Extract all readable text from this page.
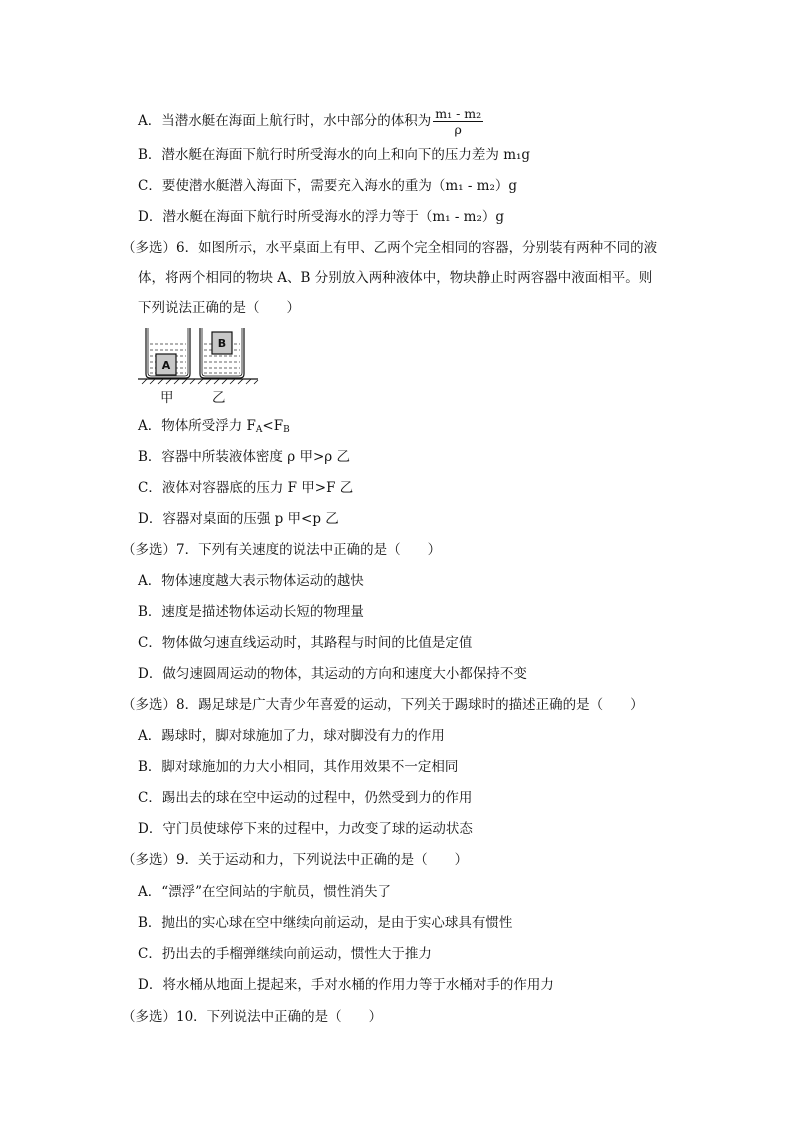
A．当潜水艇在海面上航行时，水中部分的体积为 $\frac{\text{m₁ - m₂}}{\rho}$
B．潜水艇在海面下航行时所受海水的向上和向下的压力差为 m₁g
C．要使潜水艇潜入海面下，需要充入海水的重为（m₁ - m₂）g
D．潜水艇在海面下航行时所受海水的浮力等于（m₁ - m₂）g
（多选）6．如图所示，水平桌面上有甲、乙两个完全相同的容器，分别装有两种不同的液
体，将两个相同的物块 A、B 分别放入两种液体中，物块静止时两容器中液面相平。则
下列说法正确的是（　　）
A
B
甲	乙
A．物体所受浮力 $F_A<F_B$
B．容器中所装液体密度 ρ 甲>ρ 乙
C．液体对容器底的压力 F 甲>F 乙
D．容器对桌面的压强 p 甲<p 乙
（多选）7．下列有关速度的说法中正确的是（　　）
A．物体速度越大表示物体运动的越快
B．速度是描述物体运动长短的物理量
C．物体做匀速直线运动时，其路程与时间的比值是定值
D．做匀速圆周运动的物体，其运动的方向和速度大小都保持不变
（多选）8．踢足球是广大青少年喜爱的运动，下列关于踢球时的描述正确的是（　　）
A．踢球时，脚对球施加了力，球对脚没有力的作用
B．脚对球施加的力大小相同，其作用效果不一定相同
C．踢出去的球在空中运动的过程中，仍然受到力的作用
D．守门员使球停下来的过程中，力改变了球的运动状态
（多选）9．关于运动和力，下列说法中正确的是（　　）
A．“漂浮”在空间站的宇航员，惯性消失了
B．抛出的实心球在空中继续向前运动，是由于实心球具有惯性
C．扔出去的手榴弹继续向前运动，惯性大于推力
D．将水桶从地面上提起来，手对水桶的作用力等于水桶对手的作用力
（多选）10．下列说法中正确的是（　　）
